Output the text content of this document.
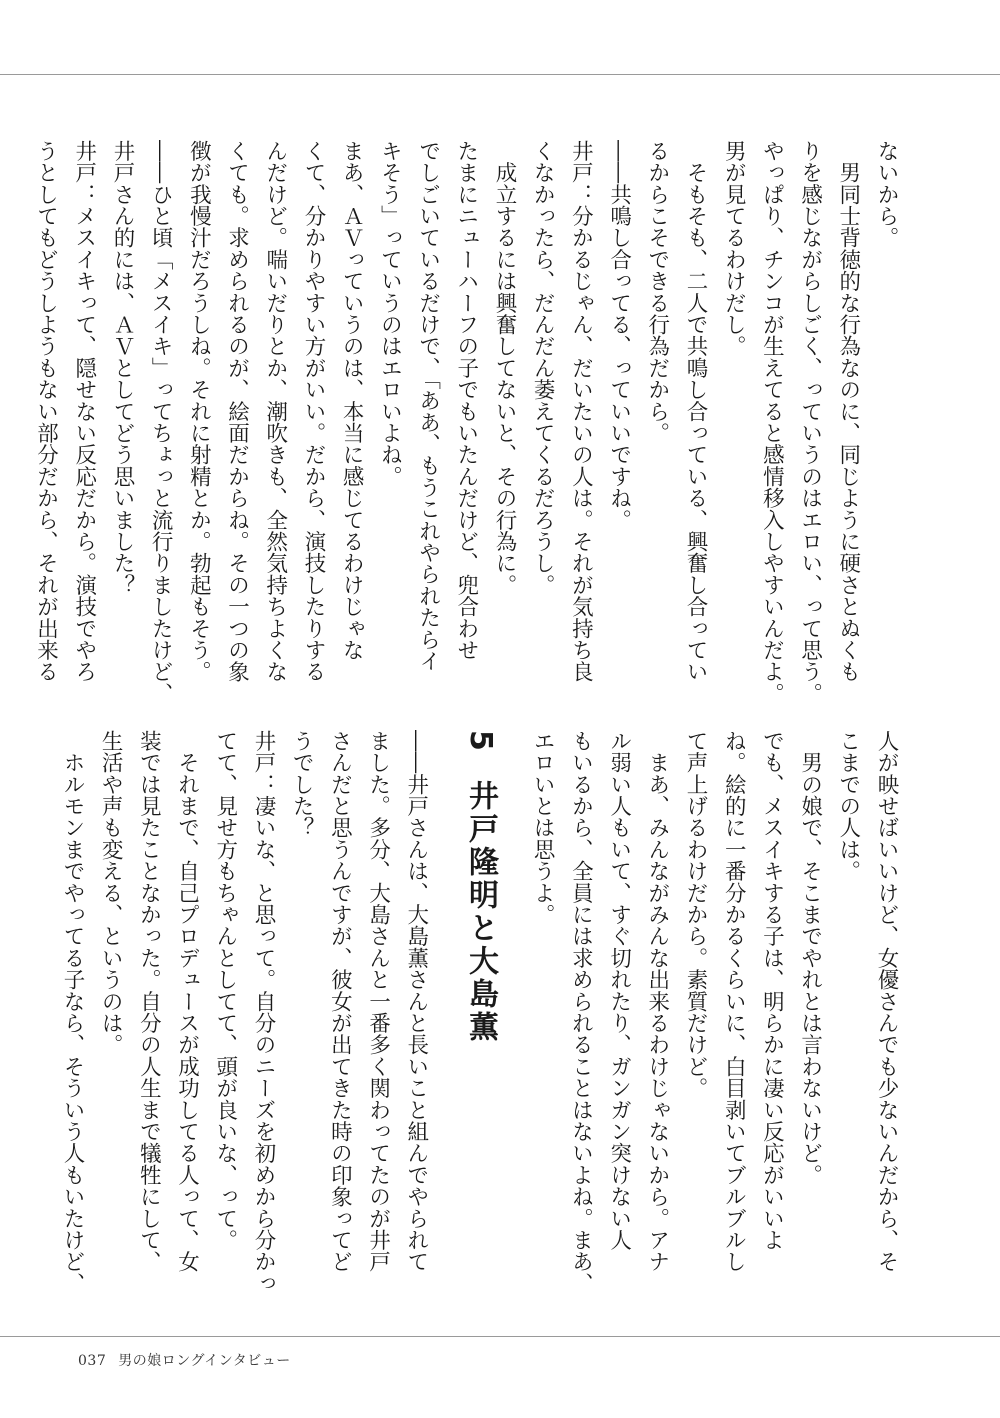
ないから。

　男同士背徳的な行為なのに、同じように硬さとぬくも

りを感じながらしごく、っていうのはエロい、って思う。

やっぱり、チンコが生えてると感情移入しやすいんだよ。

男が見てるわけだし。

　そもそも、二人で共鳴し合っている、興奮し合ってい

るからこそできる行為だから。

――共鳴し合ってる、っていいですね。

井戸：分かるじゃん、だいたいの人は。それが気持ち良

くなかったら、だんだん萎えてくるだろうし。

　成立するには興奮してないと、その行為に。

たまにニューハーフの子でもいたんだけど、兜合わせ

でしごいているだけで、「ああ、もうこれやられたらイ

キそう」っていうのはエロいよね。

まあ、ＡＶっていうのは、本当に感じてるわけじゃな

くて、分かりやすい方がいい。だから、演技したりする

んだけど。喘いだりとか、潮吹きも、全然気持ちよくな

くても。求められるのが、絵面だからね。その一つの象

徴が我慢汁だろうしね。それに射精とか。勃起もそう。

――ひと頃「メスイキ」ってちょっと流行りましたけど、

井戸さん的には、ＡＶとしてどう思いました？

井戸：メスイキって、隠せない反応だから。演技でやろ

うとしてもどうしようもない部分だから、それが出来る

人が映せばいいけど、女優さんでも少ないんだから、そ

こまでの人は。

　男の娘で、そこまでやれとは言わないけど。

でも、メスイキする子は、明らかに凄い反応がいいよ

ね。絵的に一番分かるくらいに、白目剥いてブルブルし

て声上げるわけだから。素質だけど。

　まあ、みんながみんな出来るわけじゃないから。アナ

ル弱い人もいて、すぐ切れたり、ガンガン突けない人

もいるから、全員には求められることはないよね。まあ、

エロいとは思うよ。

5井戸隆明と大島薫

――井戸さんは、大島薫さんと長いこと組んでやられて

ました。多分、大島さんと一番多く関わってたのが井戸

さんだと思うんですが、彼女が出てきた時の印象ってど

うでした？

井戸：凄いな、と思って。自分のニーズを初めから分かっ

てて、見せ方もちゃんとしてて、頭が良いな、って。

　それまで、自己プロデュースが成功してる人って、女

装では見たことなかった。自分の人生まで犠牲にして、

生活や声も変える、というのは。

　ホルモンまでやってる子なら、そういう人もいたけど、

037 男の娘ロングインタビュー
